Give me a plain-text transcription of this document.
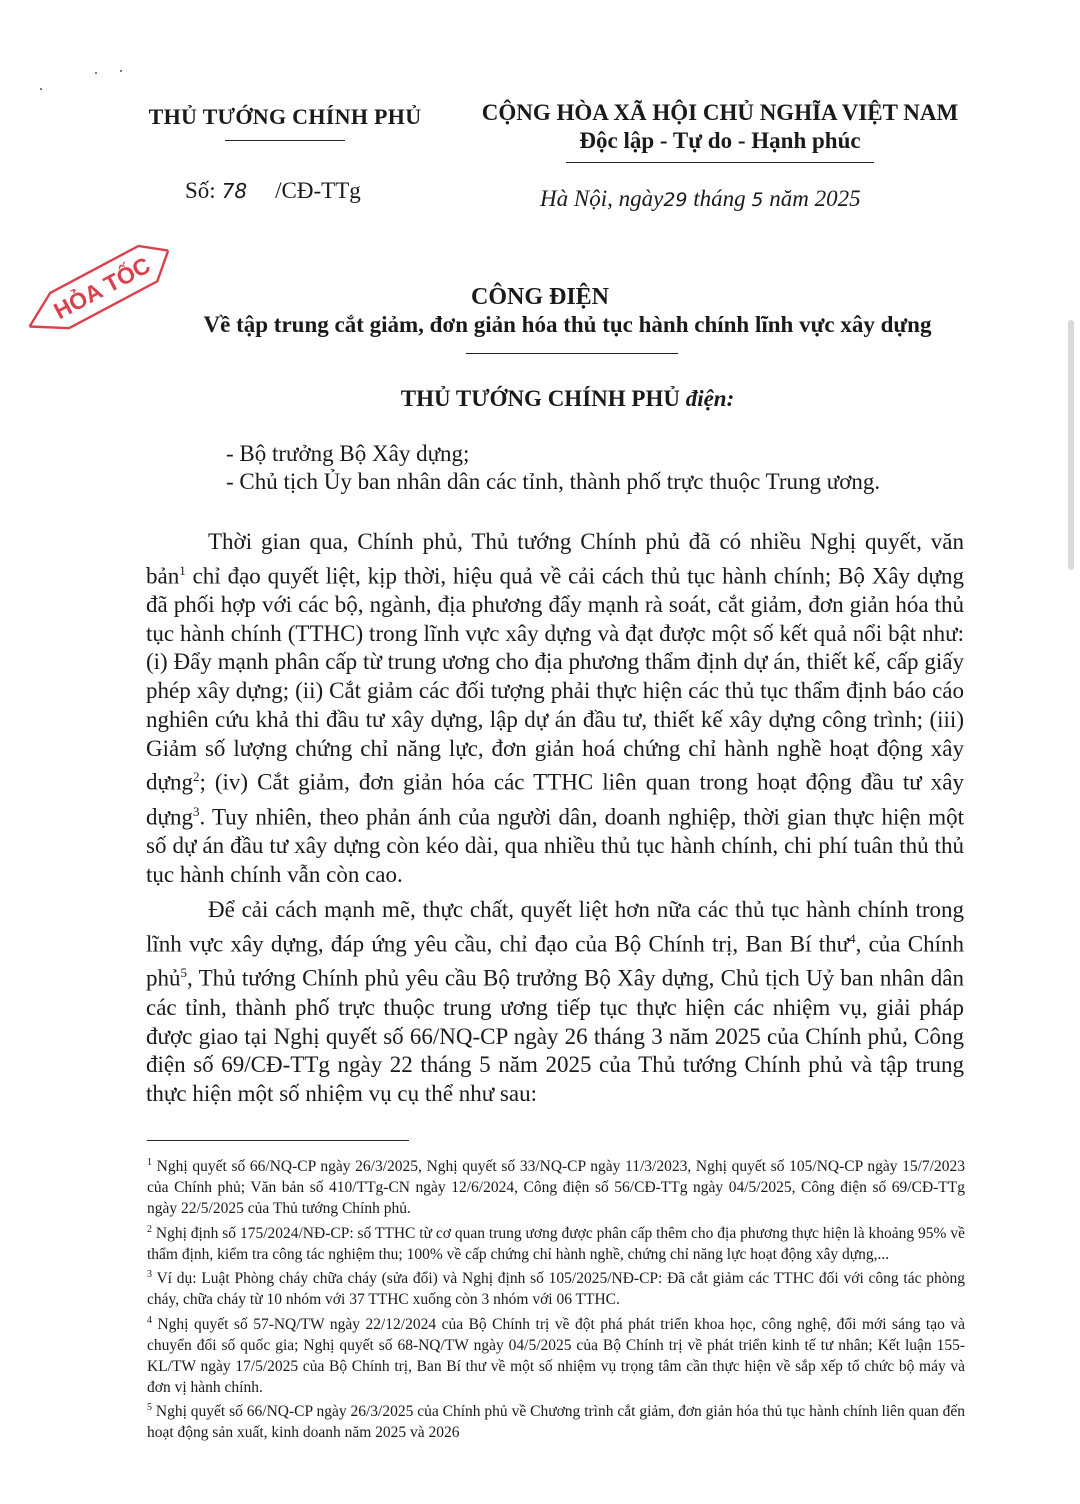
THỦ TƯỚNG CHÍNH PHỦ
Số: 78 /CĐ-TTg
CỘNG HÒA XÃ HỘI CHỦ NGHĨA VIỆT NAM
Độc lập - Tự do - Hạnh phúc
Hà Nội, ngày29 tháng 5 năm 2025
HỎA TỐC	CÔNG ĐIỆN
Về tập trung cắt giảm, đơn giản hóa thủ tục hành chính lĩnh vực xây dựng
THỦ TƯỚNG CHÍNH PHỦ điện:
- Bộ trưởng Bộ Xây dựng;
- Chủ tịch Ủy ban nhân dân các tỉnh, thành phố trực thuộc Trung ương.

Thời gian qua, Chính phủ, Thủ tướng Chính phủ đã có nhiều Nghị quyết, văn bản$^1$ chỉ đạo quyết liệt, kịp thời, hiệu quả về cải cách thủ tục hành chính; Bộ Xây dựng đã phối hợp với các bộ, ngành, địa phương đẩy mạnh rà soát, cắt giảm, đơn giản hóa thủ tục hành chính (TTHC) trong lĩnh vực xây dựng và đạt được một số kết quả nổi bật như: (i) Đẩy mạnh phân cấp từ trung ương cho địa phương thẩm định dự án, thiết kế, cấp giấy phép xây dựng; (ii) Cắt giảm các đối tượng phải thực hiện các thủ tục thẩm định báo cáo nghiên cứu khả thi đầu tư xây dựng, lập dự án đầu tư, thiết kế xây dựng công trình; (iii) Giảm số lượng chứng chỉ năng lực, đơn giản hoá chứng chỉ hành nghề hoạt động xây dựng$^2$; (iv) Cắt giảm, đơn giản hóa các TTHC liên quan trong hoạt động đầu tư xây dựng$^3$. Tuy nhiên, theo phản ánh của người dân, doanh nghiệp, thời gian thực hiện một số dự án đầu tư xây dựng còn kéo dài, qua nhiều thủ tục hành chính, chi phí tuân thủ thủ tục hành chính vẫn còn cao.

Để cải cách mạnh mẽ, thực chất, quyết liệt hơn nữa các thủ tục hành chính trong lĩnh vực xây dựng, đáp ứng yêu cầu, chỉ đạo của Bộ Chính trị, Ban Bí thư$^4$, của Chính phủ$^5$, Thủ tướng Chính phủ yêu cầu Bộ trưởng Bộ Xây dựng, Chủ tịch Uỷ ban nhân dân các tỉnh, thành phố trực thuộc trung ương tiếp tục thực hiện các nhiệm vụ, giải pháp được giao tại Nghị quyết số 66/NQ-CP ngày 26 tháng 3 năm 2025 của Chính phủ, Công điện số 69/CĐ-TTg ngày 22 tháng 5 năm 2025 của Thủ tướng Chính phủ và tập trung thực hiện một số nhiệm vụ cụ thể như sau:

$^1$ Nghị quyết số 66/NQ-CP ngày 26/3/2025, Nghị quyết số 33/NQ-CP ngày 11/3/2023, Nghị quyết số 105/NQ-CP ngày 15/7/2023 của Chính phủ; Văn bản số 410/TTg-CN ngày 12/6/2024, Công điện số 56/CĐ-TTg ngày 04/5/2025, Công điện số 69/CĐ-TTg ngày 22/5/2025 của Thủ tướng Chính phủ.
$^2$ Nghị định số 175/2024/NĐ-CP: số TTHC từ cơ quan trung ương được phân cấp thêm cho địa phương thực hiện là khoảng 95% về thẩm định, kiểm tra công tác nghiệm thu; 100% về cấp chứng chỉ hành nghề, chứng chỉ năng lực hoạt động xây dựng,...
$^3$ Ví dụ: Luật Phòng cháy chữa cháy (sửa đổi) và Nghị định số 105/2025/NĐ-CP: Đã cắt giảm các TTHC đối với công tác phòng cháy, chữa cháy từ 10 nhóm với 37 TTHC xuống còn 3 nhóm với 06 TTHC.
$^4$ Nghị quyết số 57-NQ/TW ngày 22/12/2024 của Bộ Chính trị về đột phá phát triển khoa học, công nghệ, đổi mới sáng tạo và chuyển đổi số quốc gia; Nghị quyết số 68-NQ/TW ngày 04/5/2025 của Bộ Chính trị về phát triển kinh tế tư nhân; Kết luận 155-KL/TW ngày 17/5/2025 của Bộ Chính trị, Ban Bí thư về một số nhiệm vụ trọng tâm cần thực hiện về sắp xếp tổ chức bộ máy và đơn vị hành chính.
$^5$ Nghị quyết số 66/NQ-CP ngày 26/3/2025 của Chính phủ về Chương trình cắt giảm, đơn giản hóa thủ tục hành chính liên quan đến hoạt động sản xuất, kinh doanh năm 2025 và 2026
